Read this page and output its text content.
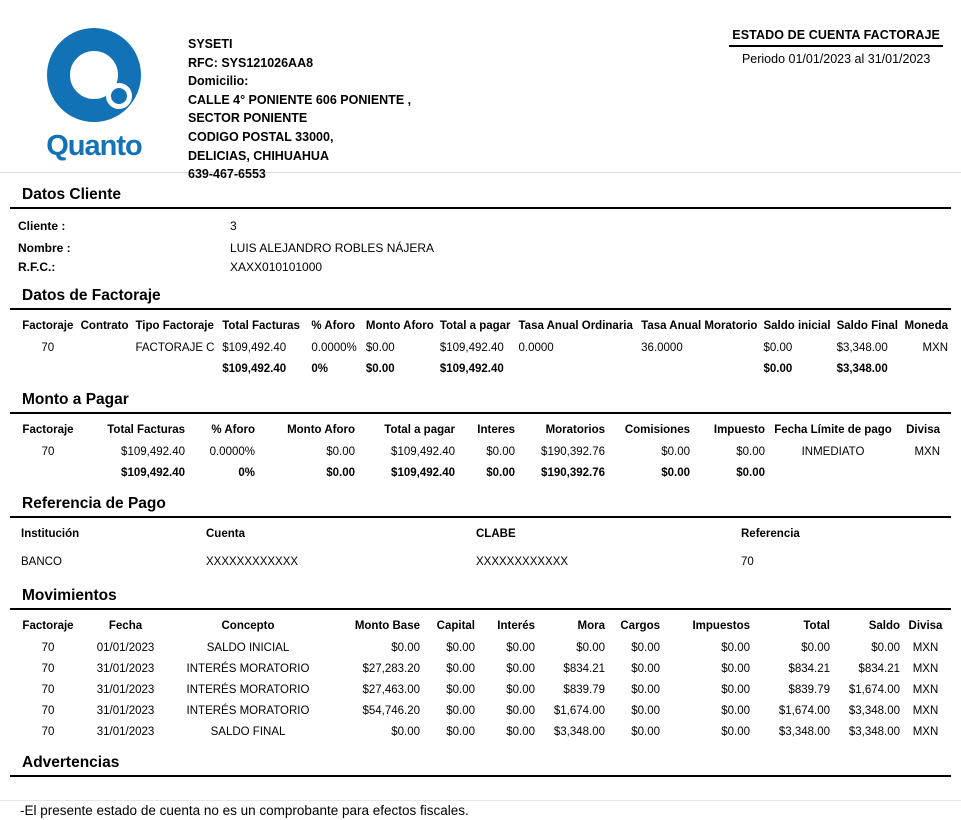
Quanto
SYSETI
RFC: SYS121026AA8
Domicilio:
CALLE 4° PONIENTE 606 PONIENTE ,
SECTOR PONIENTE
CODIGO POSTAL 33000,
DELICIAS, CHIHUAHUA
639-467-6553
ESTADO DE CUENTA FACTORAJE
Periodo 01/01/2023 al 31/01/2023
Datos Cliente
Cliente :	3
Nombre :	LUIS ALEJANDRO ROBLES NÁJERA
R.F.C.:	XAXX010101000
Datos de Factoraje
Factoraje	Contrato	Tipo Factoraje	Total Facturas	% Aforo	Monto Aforo	Total a pagar	Tasa Anual Ordinaria	Tasa Anual Moratorio	Saldo inicial	Saldo Final	Moneda
70		FACTORAJE C	$109,492.40	0.0000%	$0.00	$109,492.40	0.0000	36.0000	$0.00	$3,348.00	MXN
			$109,492.40	0%	$0.00	$109,492.40			$0.00	$3,348.00	
Monto a Pagar
Factoraje	Total Facturas	% Aforo	Monto Aforo	Total a pagar	Interes	Moratorios	Comisiones	Impuesto	Fecha Límite de pago	Divisa
70	$109,492.40	0.0000%	$0.00	$109,492.40	$0.00	$190,392.76	$0.00	$0.00	INMEDIATO	MXN
	$109,492.40	0%	$0.00	$109,492.40	$0.00	$190,392.76	$0.00	$0.00		
Referencia de Pago
Institución	Cuenta	CLABE	Referencia
BANCO	XXXXXXXXXXXX	XXXXXXXXXXXX	70
Movimientos
Factoraje	Fecha	Concepto	Monto Base	Capital	Interés	Mora	Cargos	Impuestos	Total	Saldo	Divisa
70	01/01/2023	SALDO INICIAL	$0.00	$0.00	$0.00	$0.00	$0.00	$0.00	$0.00	$0.00	MXN
70	31/01/2023	INTERÉS MORATORIO	$27,283.20	$0.00	$0.00	$834.21	$0.00	$0.00	$834.21	$834.21	MXN
70	31/01/2023	INTERÉS MORATORIO	$27,463.00	$0.00	$0.00	$839.79	$0.00	$0.00	$839.79	$1,674.00	MXN
70	31/01/2023	INTERÉS MORATORIO	$54,746.20	$0.00	$0.00	$1,674.00	$0.00	$0.00	$1,674.00	$3,348.00	MXN
70	31/01/2023	SALDO FINAL	$0.00	$0.00	$0.00	$3,348.00	$0.00	$0.00	$3,348.00	$3,348.00	MXN
Advertencias
-El presente estado de cuenta no es un comprobante para efectos fiscales.
